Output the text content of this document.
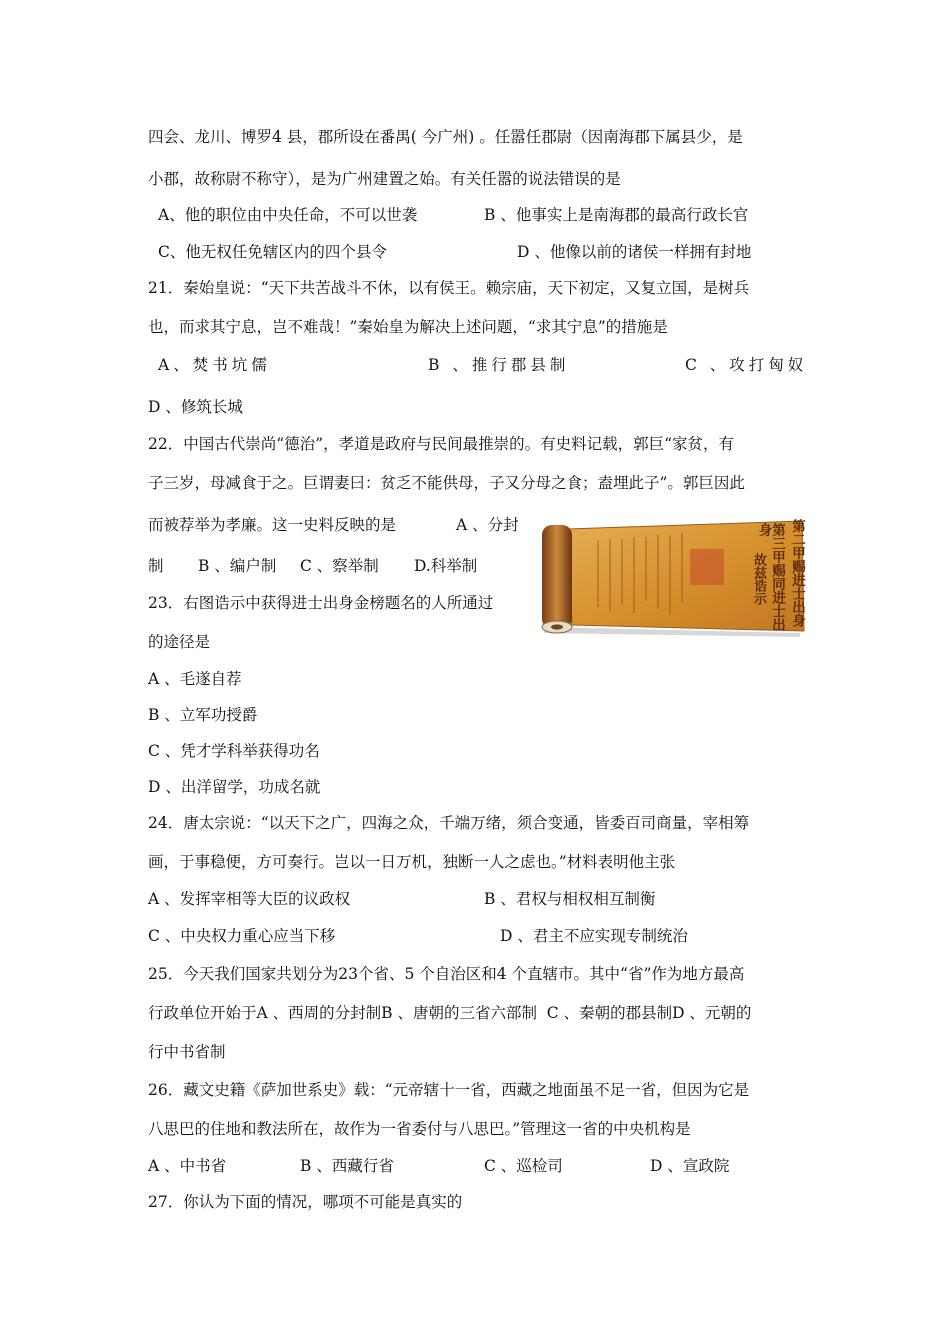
四会、龙川、博罗4 县，郡所设在番禺( 今广州) 。任嚣任郡尉（因南海郡下属县少，是
小郡，故称尉不称守），是为广州建置之始。有关任嚣的说法错误的是
A、他的职位由中央任命，不可以世袭	B 、他事实上是南海郡的最高行政长官
C、他无权任免辖区内的四个县令	D 、他像以前的诸侯一样拥有封地
21．秦始皇说：“天下共苦战斗不休，以有侯王。赖宗庙，天下初定，又复立国，是树兵
也，而求其宁息，岂不难哉！”秦始皇为解决上述问题，“求其宁息”的措施是
A、焚书坑儒	B 、推行郡县制	C 、攻打匈奴
D 、修筑长城
22．中国古代崇尚“德治”，孝道是政府与民间最推崇的。有史料记载，郭巨“家贫，有
子三岁，母减食于之。巨谓妻曰：贫乏不能供母，子又分母之食；盍埋此子”。郭巨因此
而被荐举为孝廉。这一史料反映的是	A 、分封
制 B 、编户制 C 、察举制 D.科举制
23．右图诰示中获得进士出身金榜题名的人所通过
的途径是
A 、毛遂自荐
B 、立军功授爵
C 、凭才学科举获得功名
D 、出洋留学，功成名就
故兹诰示 第三甲赐同进士出身	第二甲赐进士出身
24．唐太宗说：“以天下之广，四海之众，千端万绪，须合变通，皆委百司商量，宰相筹
画，于事稳便，方可奏行。岂以一日万机，独断一人之虑也。”材料表明他主张
A 、发挥宰相等大臣的议政权	B 、君权与相权相互制衡
C 、中央权力重心应当下移	D 、君主不应实现专制统治
25．今天我们国家共划分为23个省、5 个自治区和4 个直辖市。其中“省”作为地方最高
行政单位开始于A 、西周的分封制B 、唐朝的三省六部制  C 、秦朝的郡县制D 、元朝的
行中书省制
26．藏文史籍《萨加世系史》载：“元帝辖十一省，西藏之地面虽不足一省，但因为它是
八思巴的住地和教法所在，故作为一省委付与八思巴。”管理这一省的中央机构是
A 、中书省	B 、西藏行省	C 、巡检司	D 、宣政院
27．你认为下面的情况，哪项不可能是真实的
